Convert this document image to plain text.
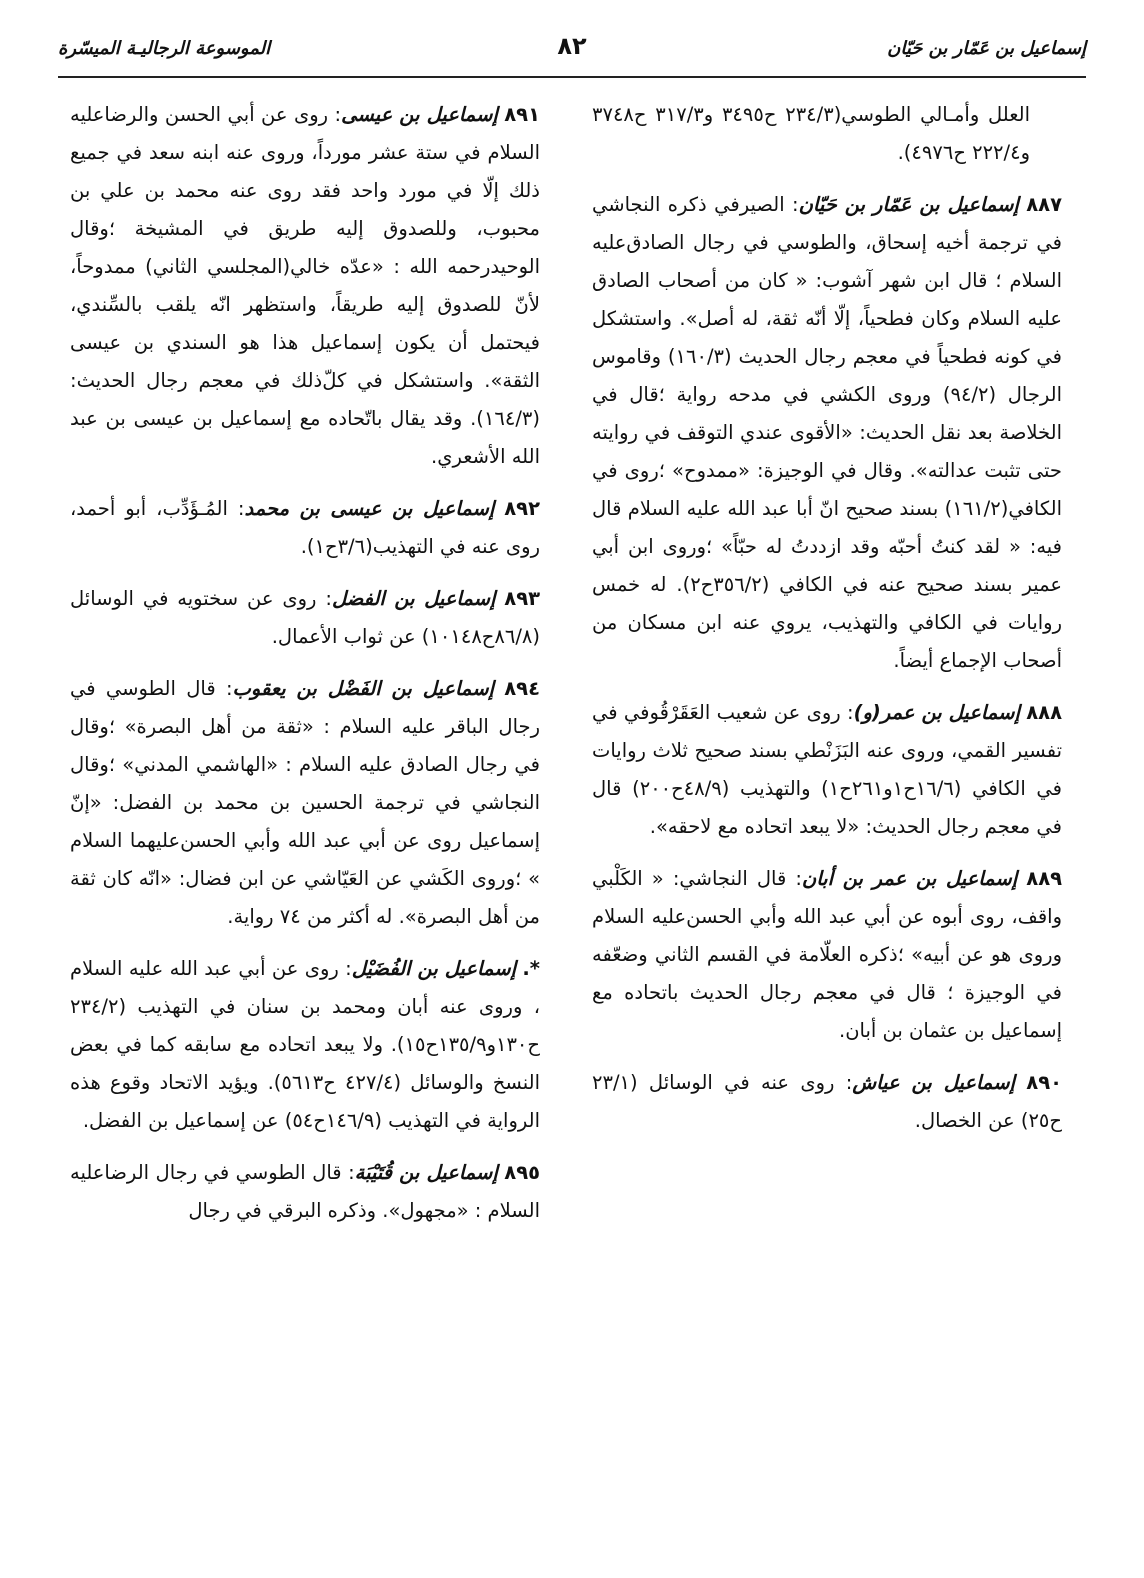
إسماعيل بن عَمّار بن حَيّان
٨٢
الموسوعة الرجاليـة الميسّرة

العلل وأمـالي الطوسي(٢٣٤/٣ ح٣٤٩٥ و٣١٧/٣ ح٣٧٤٨ و٢٢٢/٤ ح٤٩٧٦).

٨٨٧ إسماعيل بن عَمّار بن حَيّان: الصيرفي ذكره النجاشي في ترجمة أخيه إسحاق، والطوسي في رجال الصادق‌عليه السلام ؛ قال ابن شهر آشوب: « كان من أصحاب الصادق عليه السلام وكان فطحياً، إلّا أنّه ثقة، له أصل». واستشكل في كونه فطحياً في معجم رجال الحديث (١٦٠/٣) وقاموس الرجال (٩٤/٢) وروى الكشي في مدحه رواية ؛قال في الخلاصة بعد نقل الحديث: «الأقوى عندي التوقف في روايته حتى تثبت عدالته». وقال في الوجيزة: «ممدوح» ؛روى في الكافي(١٦١/٢) بسند صحيح انّ أبا عبد الله عليه السلام قال فيه: « لقد كنتُ أحبّه وقد ازددتُ له حبّاً» ؛وروى ابن أبي عمير بسند صحيح عنه في الكافي (٣٥٦/٢ح٢). له خمس روايات في الكافي والتهذيب، يروي عنه ابن مسكان من أصحاب الإجماع أيضاً.

٨٨٨ إسماعيل بن عمر(و): روى عن شعيب العَقَرْقُوفي في تفسير القمي، وروى عنه البَزَنْطي بسند صحيح ثلاث روايات في الكافي (١٦/٦ح١و٢٦١ح١) والتهذيب (٤٨/٩ح٢٠٠) قال في معجم رجال الحديث: «لا يبعد اتحاده مع لاحقه».

٨٨٩ إسماعيل بن عمر بن أبان: قال النجاشي: « الكَلْبي واقف، روى أبوه عن أبي عبد الله وأبي الحسن‌عليه السلام وروى هو عن أبيه» ؛ذكره العلّامة في القسم الثاني وضعّفه في الوجيزة ؛ قال في معجم رجال الحديث باتحاده مع إسماعيل بن عثمان بن أبان.

٨٩٠ إسماعيل بن عياش: روى عنه في الوسائل (٢٣/١ ح٢٥) عن الخصال.

٨٩١ إسماعيل بن عيسى: روى عن أبي الحسن والرضا‌عليه السلام في ستة عشر مورداً، وروى عنه ابنه سعد في جميع ذلك إلّا في مورد واحد فقد روى عنه محمد بن علي بن محبوب، وللصدوق إليه طريق في المشيخة ؛وقال الوحيد‌رحمه الله : «عدّه خالي(المجلسي الثاني) ممدوحاً، لأنّ للصدوق إليه طريقاً، واستظهر انّه يلقب بالسِّندي، فيحتمل أن يكون إسماعيل هذا هو السندي بن عيسى الثقة». واستشكل في كلّ‌ذلك في معجم رجال الحديث: (١٦٤/٣). وقد يقال باتّحاده مع إسماعيل بن عيسى بن عبد الله الأشعري.

٨٩٢ إسماعيل بن عيسى بن محمد: المُـؤَدِّب، أبو أحمد، روى عنه في التهذيب(٣/٦ح١).

٨٩٣ إسماعيل بن الفضل: روى عن سختويه في الوسائل (٨٦/٨ح١٠١٤٨) عن ثواب الأعمال.

٨٩٤ إسماعيل بن الفَضْل بن يعقوب: قال الطوسي في رجال الباقر عليه السلام : «ثقة من أهل البصرة» ؛وقال في رجال الصادق عليه السلام : «الهاشمي المدني» ؛وقال النجاشي في ترجمة الحسين بن محمد بن الفضل: «إنّ إسماعيل روى عن أبي عبد الله وأبي الحسن‌عليهما السلام » ؛وروى الكَشي عن العَيّاشي عن ابن فضال: «انّه كان ثقة من أهل البصرة». له أكثر من ٧٤ رواية.

*. إسماعيل بن الفُضَيْل: روى عن أبي عبد الله عليه السلام ، وروى عنه أبان ومحمد بن سنان في التهذيب (٢٣٤/٢ ح١٣٠و١٣٥/٩ح١٥). ولا يبعد اتحاده مع سابقه كما في بعض النسخ والوسائل (٤٢٧/٤ ح٥٦١٣). ويؤيد الاتحاد وقوع هذه الرواية في التهذيب (١٤٦/٩ح٥٤) عن إسماعيل بن الفضل.

٨٩٥ إسماعيل بن قُتَيْبَة: قال الطوسي في رجال الرضا‌عليه السلام : «مجهول». وذكره البرقي في رجال
